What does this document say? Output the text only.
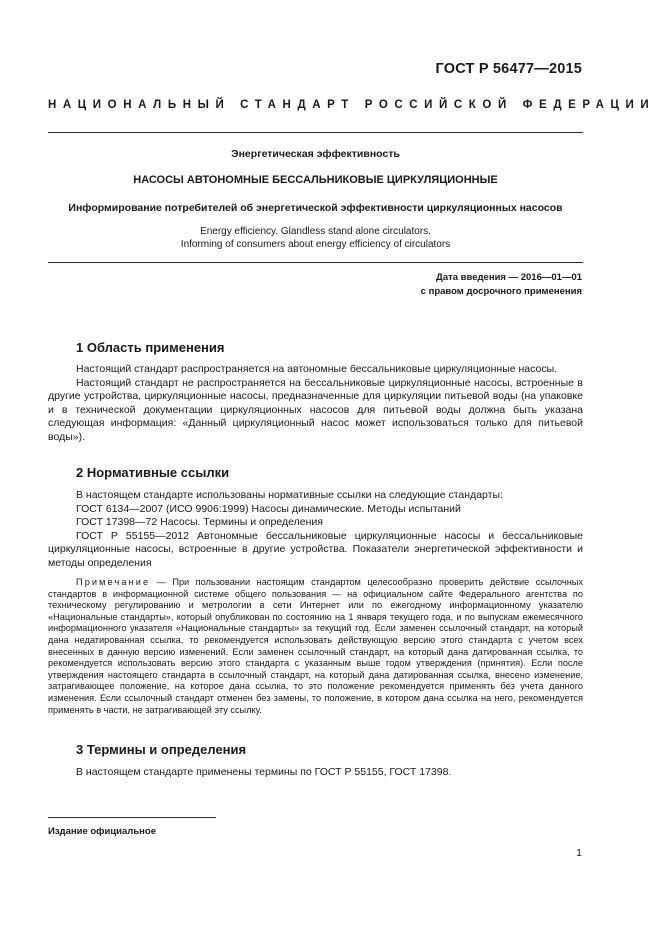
ГОСТ Р 56477—2015
НАЦИОНАЛЬНЫЙ СТАНДАРТ РОССИЙСКОЙ ФЕДЕРАЦИИ
Энергетическая эффективность
НАСОСЫ АВТОНОМНЫЕ БЕССАЛЬНИКОВЫЕ ЦИРКУЛЯЦИОННЫЕ
Информирование потребителей об энергетической эффективности циркуляционных насосов
Energy efficiency. Glandless stand alone circulators.
Informing of consumers about energy efficiency of circulators
Дата введения — 2016—01—01
с правом досрочного применения
1 Область применения

Настоящий стандарт распространяется на автономные бессальниковые циркуляционные насосы.

Настоящий стандарт не распространяется на бессальниковые циркуляционные насосы, встроенные в другие устройства, циркуляционные насосы, предназначенные для циркуляции питьевой воды (на упаковке и в технической документации циркуляционных насосов для питьевой воды должна быть указана следующая информация: «Данный циркуляционный насос может использоваться только для питьевой воды»).

2 Нормативные ссылки

В настоящем стандарте использованы нормативные ссылки на следующие стандарты:

ГОСТ 6134—2007 (ИСО 9906:1999) Насосы динамические. Методы испытаний

ГОСТ 17398—72 Насосы. Термины и определения

ГОСТ Р 55155—2012 Автономные бессальниковые циркуляционные насосы и бессальниковые циркуляционные насосы, встроенные в другие устройства. Показатели энергетической эффективности и методы определения

Примечание — При пользовании настоящим стандартом целесообразно проверить действие ссылочных стандартов в информационной системе общего пользования — на официальном сайте Федерального агентства по техническому регулированию и метрологии в сети Интернет или по ежегодному информационному указателю «Национальные стандарты», который опубликован по состоянию на 1 января текущего года, и по выпускам ежемесячного информационного указателя «Национальные стандарты» за текущий год. Если заменен ссылочный стандарт, на который дана недатированная ссылка, то рекомендуется использовать действующую версию этого стандарта с учетом всех внесенных в данную версию изменений. Если заменен ссылочный стандарт, на который дана датированная ссылка, то рекомендуется использовать версию этого стандарта с указанным выше годом утверждения (принятия). Если после утверждения настоящего стандарта в ссылочный стандарт, на который дана датированная ссылка, внесено изменение, затрагивающее положение, на которое дана ссылка, то это положение рекомендуется применять без учета данного изменения. Если ссылочный стандарт отменен без замены, то положение, в котором дана ссылка на него, рекомендуется применять в части, не затрагивающей эту ссылку.

3 Термины и определения

В настоящем стандарте применены термины по ГОСТ Р 55155, ГОСТ 17398.

Издание официальное
1
